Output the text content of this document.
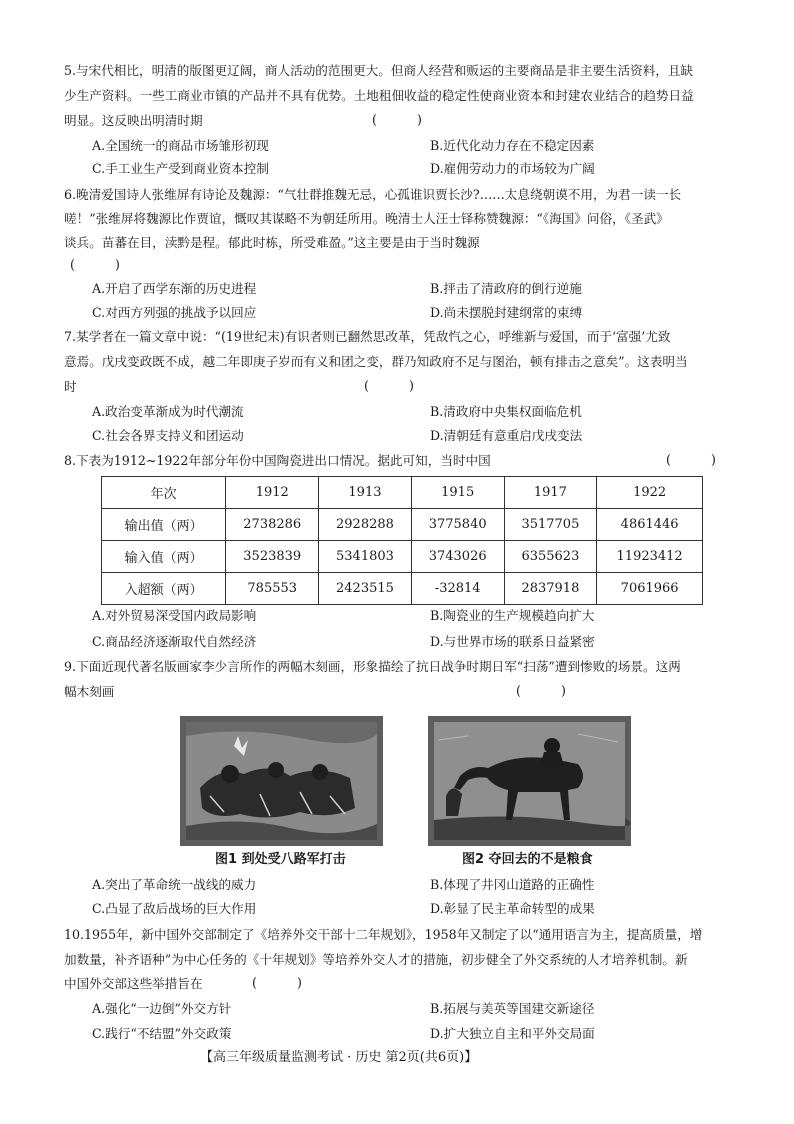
5.与宋代相比，明清的版图更辽阔，商人活动的范围更大。但商人经营和贩运的主要商品是非主要生活资料，且缺
少生产资料。一些工商业市镇的产品并不具有优势。土地租佃收益的稳定性使商业资本和封建农业结合的趋势日益
明显。这反映出明清时期	(          )
A.全国统一的商品市场雏形初现	B.近代化动力存在不稳定因素
C.手工业生产受到商业资本控制	D.雇佣劳动力的市场较为广阔
6.晚清爱国诗人张维屏有诗论及魏源：“气壮群推魏无忌，心孤谁识贾长沙?……太息绕朝谟不用，为君一读一长
嗟！”张维屏将魏源比作贾谊，慨叹其谋略不为朝廷所用。晚清士人汪士铎称赞魏源：“《海国》问俗，《圣武》
谈兵。苗蕃在目，渎黔是程。郁此时栋，所受难盈。”这主要是由于当时魏源
(          )
A.开启了西学东渐的历史进程	B.抨击了清政府的倒行逆施
C.对西方列强的挑战予以回应	D.尚未摆脱封建纲常的束缚
7.某学者在一篇文章中说：“(19世纪末)有识者则已翻然思改革，凭敌忾之心，呼维新与爱国，而于‘富强’尤致
意焉。戊戌变政既不成，越二年即庚子岁而有义和团之变，群乃知政府不足与图治，顿有排击之意矣”。这表明当
时	(          )
A.政治变革渐成为时代潮流	B.清政府中央集权面临危机
C.社会各界支持义和团运动	D.清朝廷有意重启戊戌变法
8.下表为1912~1922年部分年份中国陶瓷进出口情况。据此可知，当时中国	(          )
年次	1912	1913	1915	1917	1922
输出值（两）	2738286	2928288	3775840	3517705	4861446
输入值（两）	3523839	5341803	3743026	6355623	11923412
入超额（两）	785553	2423515	-32814	2837918	7061966
A.对外贸易深受国内政局影响	B.陶瓷业的生产规模趋向扩大
C.商品经济逐渐取代自然经济	D.与世界市场的联系日益紧密
9.下面近现代著名版画家李少言所作的两幅木刻画，形象描绘了抗日战争时期日军“扫荡”遭到惨败的场景。这两
幅木刻画	(          )
图1 到处受八路军打击	图2 夺回去的不是粮食
A.突出了革命统一战线的威力	B.体现了井冈山道路的正确性
C.凸显了敌后战场的巨大作用	D.彰显了民主革命转型的成果
10.1955年，新中国外交部制定了《培养外交干部十二年规划》，1958年又制定了以“通用语言为主，提高质量，增
加数量，补齐语种”为中心任务的《十年规划》等培养外交人才的措施，初步健全了外交系统的人才培养机制。新
中国外交部这些举措旨在	(          )
A.强化“一边倒”外交方针	B.拓展与美英等国建交新途径
C.践行“不结盟”外交政策	D.扩大独立自主和平外交局面
【高三年级质量监测考试 · 历史 第2页(共6页)】
